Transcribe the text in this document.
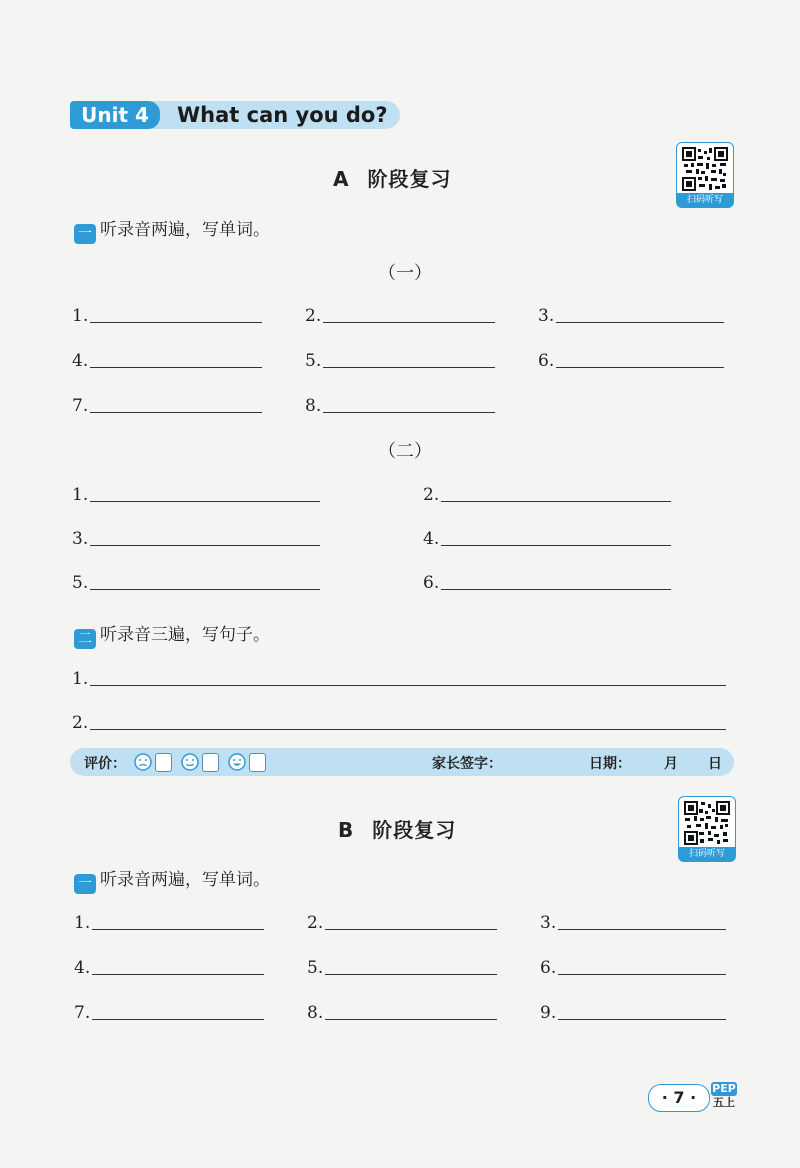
Unit 4	What can you do?
A 阶段复习
扫码听写
一 听录音两遍，写单词。
（一）
1.	2.	3.
4.	5.	6.
7.	8.
（二）
1.	2.
3.	4.
5.	6.
二 听录音三遍，写句子。
1.
2.
评价：	家长签字：	日期： 月 日
B 阶段复习
扫码听写
一 听录音两遍，写单词。
1.	2.	3.
4.	5.	6.
7.	8.	9.
· 7 ·	PEP
五上
